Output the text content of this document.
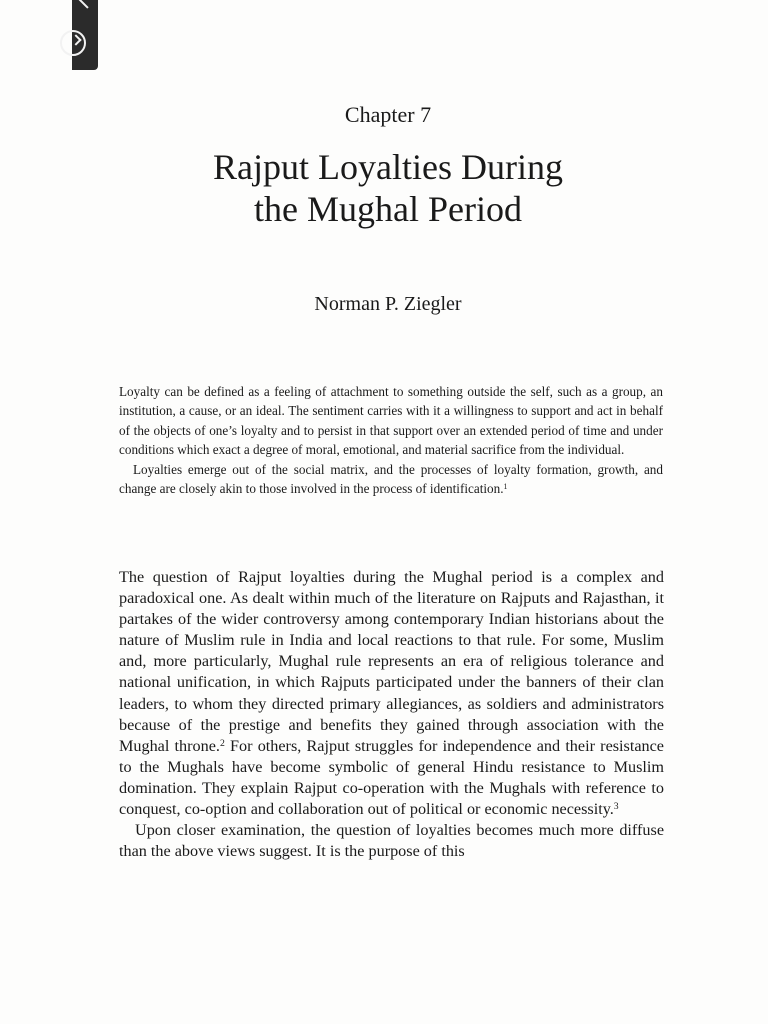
Chapter 7
Rajput Loyalties During
the Mughal Period
Norman P. Ziegler

Loyalty can be defined as a feeling of attachment to something outside the self, such as a group, an institution, a cause, or an ideal. The sentiment carries with it a willingness to support and act in behalf of the objects of one’s loyalty and to persist in that support over an extended period of time and under conditions which exact a degree of moral, emotional, and material sacrifice from the individual.

Loyalties emerge out of the social matrix, and the processes of loyalty formation, growth, and change are closely akin to those involved in the process of identification.$^1$

The question of Rajput loyalties during the Mughal period is a complex and paradoxical one. As dealt within much of the literature on Rajputs and Rajasthan, it partakes of the wider controversy among contemporary Indian historians about the nature of Muslim rule in India and local reactions to that rule. For some, Muslim and, more particularly, Mughal rule represents an era of religious tolerance and national unification, in which Rajputs participated under the banners of their clan leaders, to whom they directed primary allegiances, as soldiers and administrators because of the prestige and benefits they gained through association with the Mughal throne.$^2$ For others, Rajput struggles for independence and their resistance to the Mughals have become symbolic of general Hindu resistance to Muslim domination. They explain Rajput co-operation with the Mughals with reference to conquest, co-option and collaboration out of political or economic necessity.$^3$

Upon closer examination, the question of loyalties becomes much more diffuse than the above views suggest. It is the purpose of this
